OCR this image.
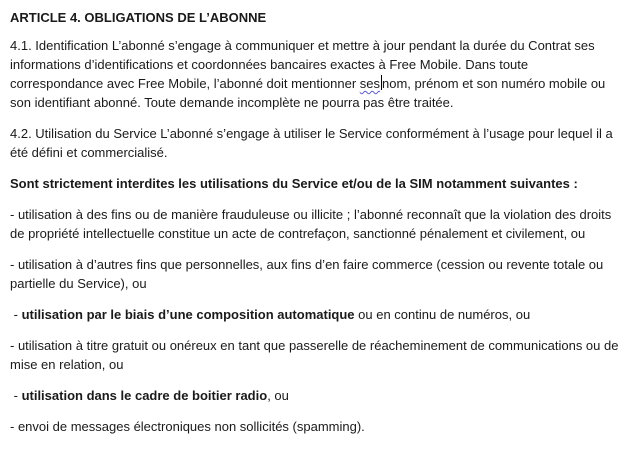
ARTICLE 4. OBLIGATIONS DE L’ABONNE

4.1. Identification L’abonné s’engage à communiquer et mettre à jour pendant la durée du Contrat ses informations d’identifications et coordonnées bancaires exactes à Free Mobile. Dans toute correspondance avec Free Mobile, l’abonné doit mentionner ses nom, prénom et son numéro mobile ou son identifiant abonné. Toute demande incomplète ne pourra pas être traitée.

4.2. Utilisation du Service L’abonné s’engage à utiliser le Service conformément à l’usage pour lequel il a été défini et commercialisé.

Sont strictement interdites les utilisations du Service et/ou de la SIM notamment suivantes :

- utilisation à des fins ou de manière frauduleuse ou illicite ; l’abonné reconnaît que la violation des droits de propriété intellectuelle constitue un acte de contrefaçon, sanctionné pénalement et civilement, ou

- utilisation à d’autres fins que personnelles, aux fins d’en faire commerce (cession ou revente totale ou partielle du Service), ou

- utilisation par le biais d’une composition automatique ou en continu de numéros, ou

- utilisation à titre gratuit ou onéreux en tant que passerelle de réacheminement de communications ou de mise en relation, ou

- utilisation dans le cadre de boitier radio, ou

- envoi de messages électroniques non sollicités (spamming).
